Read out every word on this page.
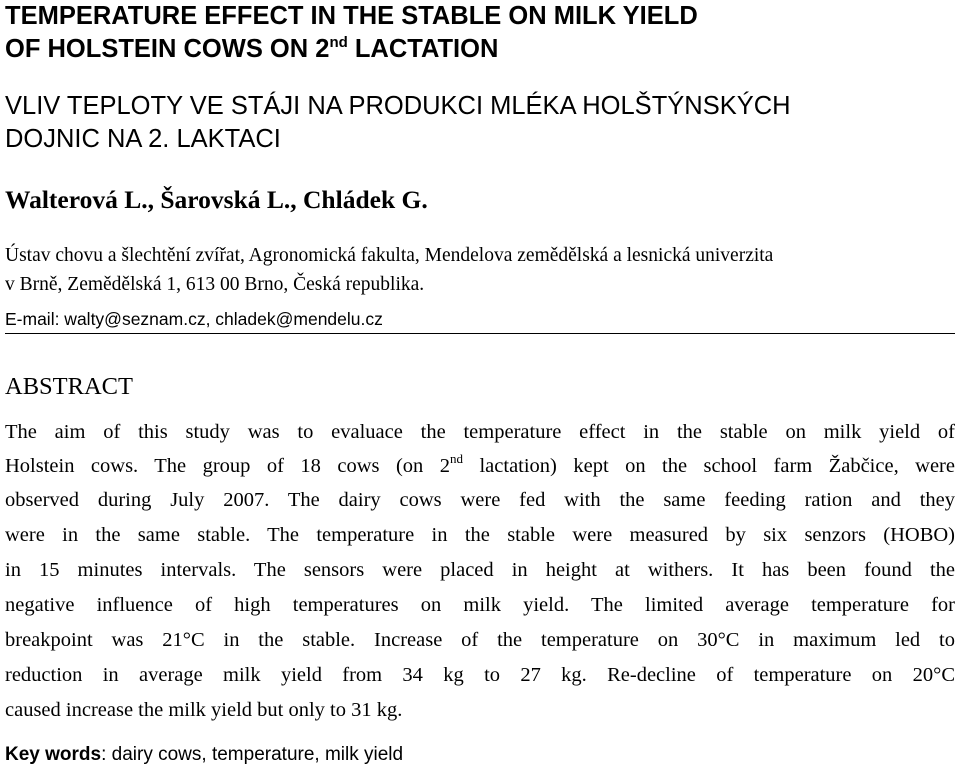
TEMPERATURE EFFECT IN THE STABLE ON MILK YIELD
OF HOLSTEIN COWS ON 2nd LACTATION
VLIV TEPLOTY VE STÁJI NA PRODUKCI MLÉKA HOLŠTÝNSKÝCH
DOJNIC NA 2. LAKTACI
Walterová L., Šarovská L., Chládek G.
Ústav chovu a šlechtění zvířat, Agronomická fakulta, Mendelova zemědělská a lesnická univerzita
v Brně, Zemědělská 1, 613 00 Brno, Česká republika.
E-mail: walty@seznam.cz, chladek@mendelu.cz
ABSTRACT
The aim of this study was to evaluace the temperature effect in the stable on milk yield of
Holstein cows. The group of 18 cows (on 2nd lactation) kept on the school farm Žabčice, were
observed during July 2007. The dairy cows were fed with the same feeding ration and they
were in the same stable. The temperature in the stable were measured by six senzors (HOBO)
in 15 minutes intervals. The sensors were placed in height at withers. It has been found the
negative influence of high temperatures on milk yield. The limited average temperature for
breakpoint was 21°C in the stable. Increase of the temperature on 30°C in maximum led to
reduction in average milk yield from 34 kg to 27 kg. Re-decline of temperature on 20°C
caused increase the milk yield but only to 31 kg.
Key words: dairy cows, temperature, milk yield
